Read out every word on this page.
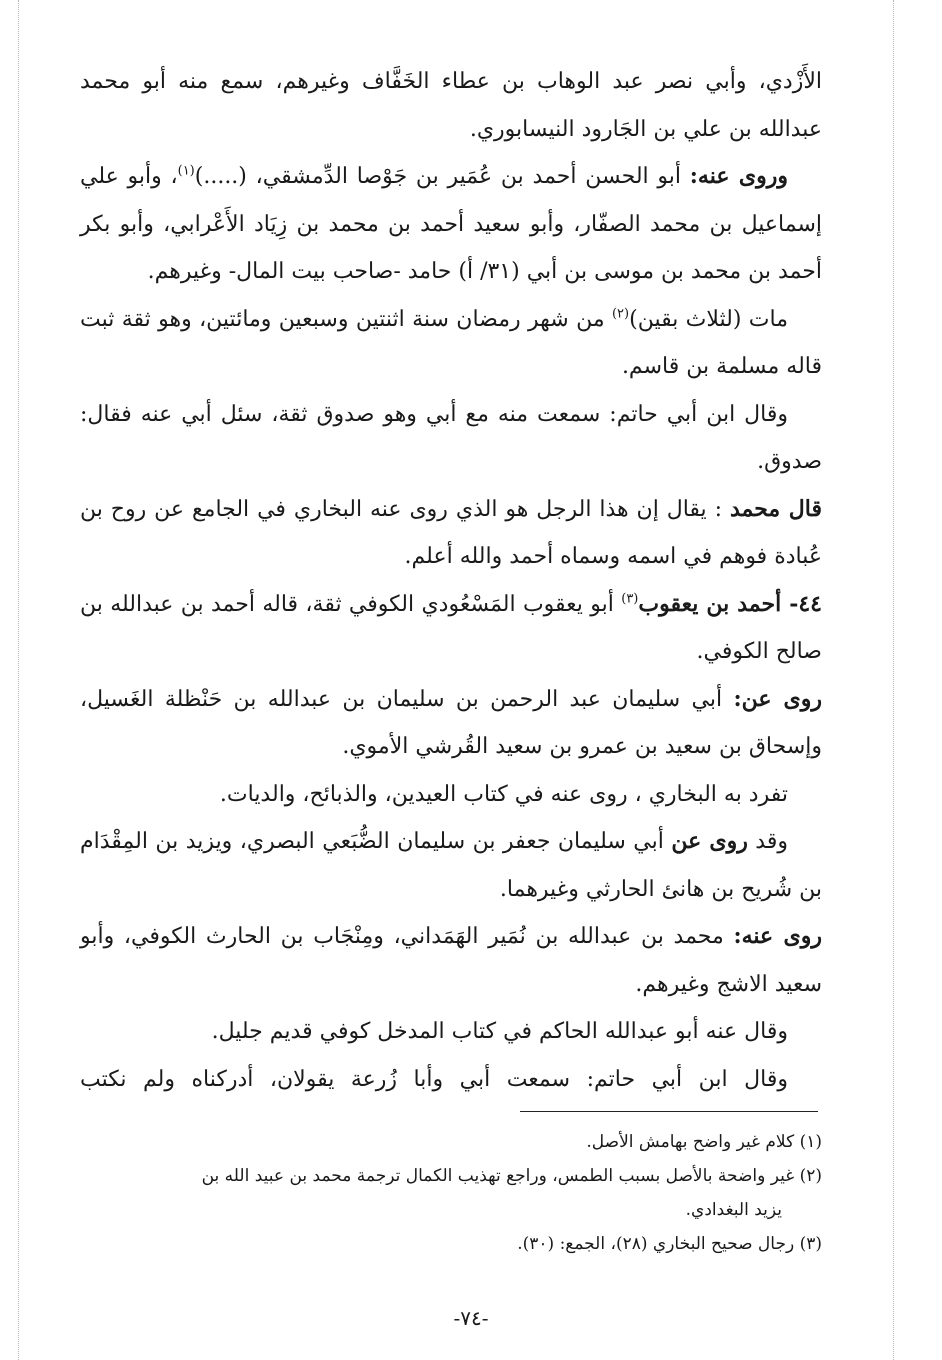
الأَزْدي، وأبي نصر عبد الوهاب بن عطاء الخَفَّاف وغيرهم، سمع منه أبو محمد عبدالله بن علي بن الجَارود النيسابوري.

وروى عنه: أبو الحسن أحمد بن عُمَير بن جَوْصا الدِّمشقي، (.....)$^{(١)}$، وأبو علي إسماعيل بن محمد الصفّار، وأبو سعيد أحمد بن محمد بن زِيَاد الأَعْرابي، وأبو بكر أحمد بن محمد بن موسى بن أبي (٣١/ أ) حامد -صاحب بيت المال- وغيرهم.

مات (لثلاث بقين)$^{(٢)}$ من شهر رمضان سنة اثنتين وسبعين ومائتين، وهو ثقة ثبت قاله مسلمة بن قاسم.

وقال ابن أبي حاتم: سمعت منه مع أبي وهو صدوق ثقة، سئل أبي عنه فقال: صدوق.

قال محمد : يقال إن هذا الرجل هو الذي روى عنه البخاري في الجامع عن روح بن عُبادة فوهم في اسمه وسماه أحمد والله أعلم.

٤٤- أحمد بن يعقوب$^{(٣)}$ أبو يعقوب المَسْعُودي الكوفي ثقة، قاله أحمد بن عبدالله بن صالح الكوفي.

روى عن: أبي سليمان عبد الرحمن بن سليمان بن عبدالله بن حَنْظلة الغَسيل، وإسحاق بن سعيد بن عمرو بن سعيد القُرشي الأموي.

تفرد به البخاري ، روى عنه في كتاب العيدين، والذبائح، والديات.

وقد روى عن أبي سليمان جعفر بن سليمان الضُّبَعي البصري، ويزيد بن المِقْدَام بن شُريح بن هانئ الحارثي وغيرهما.

روى عنه: محمد بن عبدالله بن نُمَير الهَمَداني، ومِنْجَاب بن الحارث الكوفي، وأبو سعيد الاشج وغيرهم.

وقال عنه أبو عبدالله الحاكم في كتاب المدخل كوفي قديم جليل.

وقال ابن أبي حاتم: سمعت أبي وأبا زُرعة يقولان، أدركناه ولم نكتب

(١) كلام غير واضح بهامش الأصل.

(٢) غير واضحة بالأصل بسبب الطمس، وراجع تهذيب الكمال ترجمة محمد بن عبيد الله بن

يزيد البغدادي.

(٣) رجال صحيح البخاري (٢٨)، الجمع: (٣٠).

-٧٤-
